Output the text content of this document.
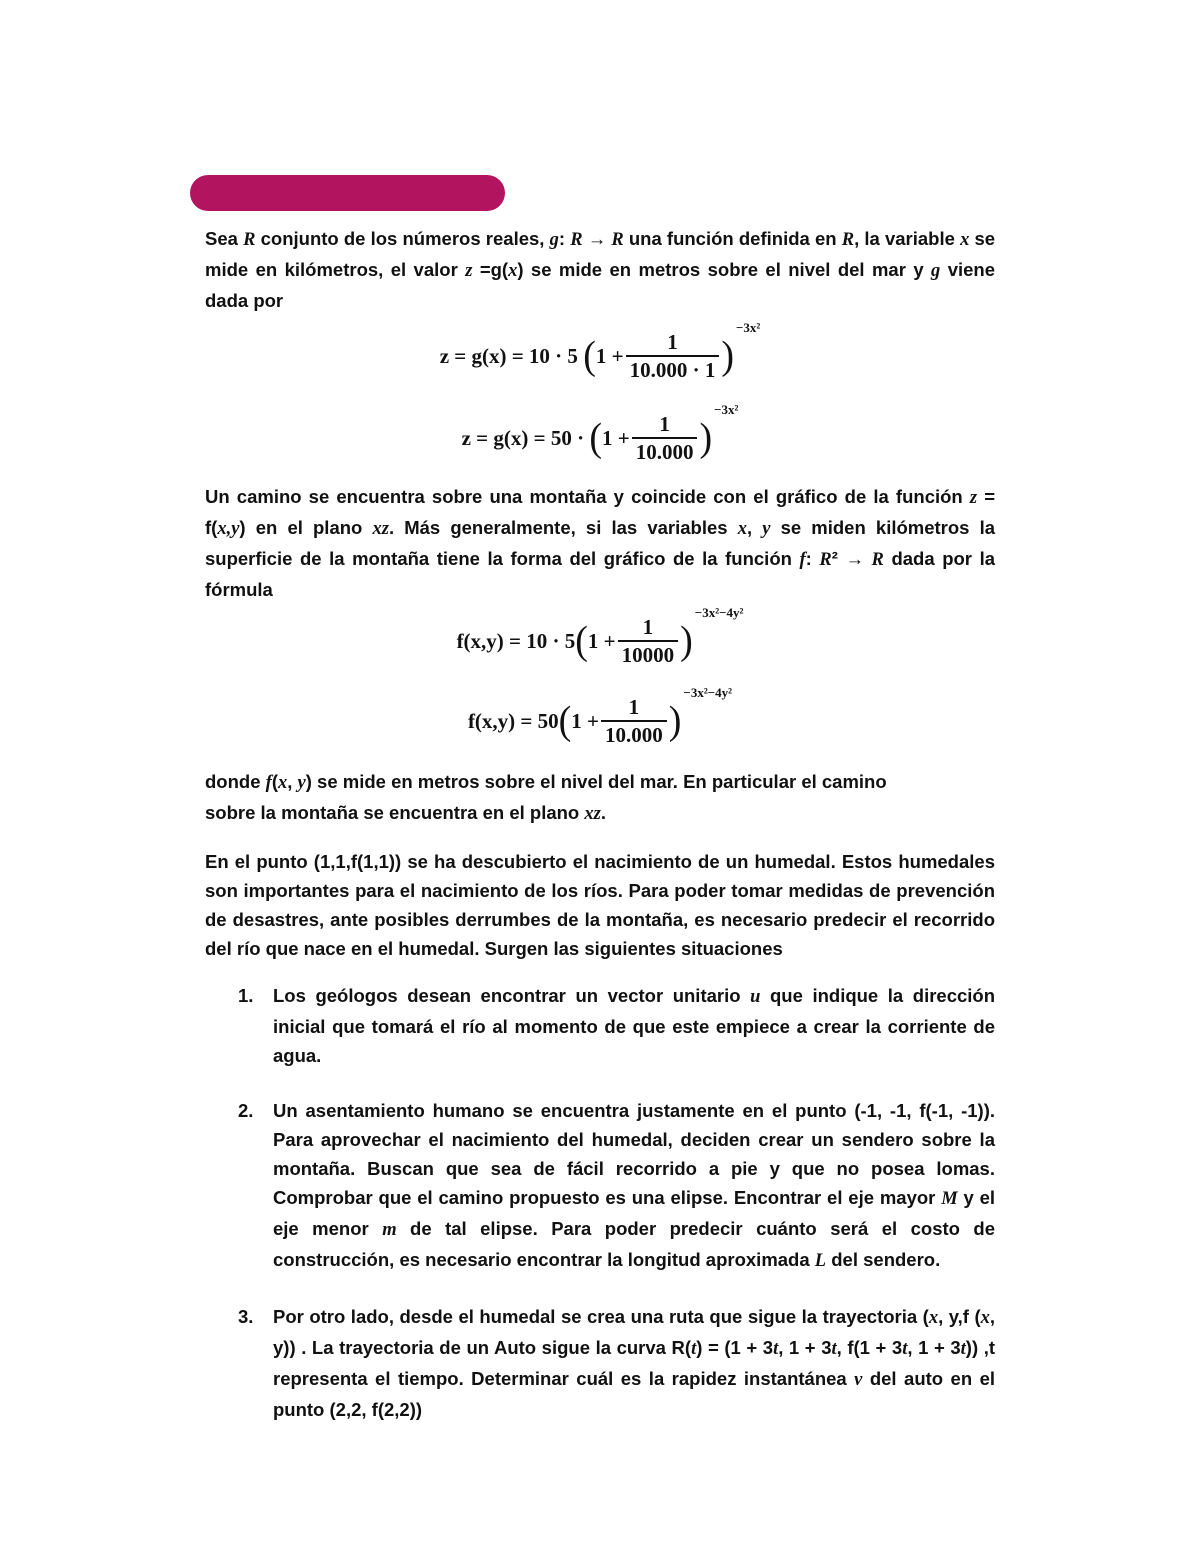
Sea R conjunto de los números reales, g: R → R una función definida en R, la variable x se mide en kilómetros, el valor z =g(x) se mide en metros sobre el nivel del mar y g viene dada por
z = g(x) = 10 · 5
( $1 + \frac{1}{10.000 \cdot 1}$ )
−3x²
z = g(x) = 50 ·
( $1 + \frac{1}{10.000}$ )
−3x²
Un camino se encuentra sobre una montaña y coincide con el gráfico de la función z = f(x,y) en el plano xz. Más generalmente, si las variables x, y se miden kilómetros la superficie de la montaña tiene la forma del gráfico de la función f: R² → R dada por la fórmula
f(x,y) = 10 · 5 ( $1 + \frac{1}{10000}$ )
−3x²−4y²
f(x,y) = 50 ( $1 + \frac{1}{10.000}$ )
−3x²−4y²
donde f(x, y) se mide en metros sobre el nivel del mar. En particular el camino
sobre la montaña se encuentra en el plano xz.
En el punto (1,1,f(1,1)) se ha descubierto el nacimiento de un humedal. Estos humedales son importantes para el nacimiento de los ríos. Para poder tomar medidas de prevención de desastres, ante posibles derrumbes de la montaña, es necesario predecir el recorrido del río que nace en el humedal. Surgen las siguientes situaciones
1.	Los geólogos desean encontrar un vector unitario u que indique la dirección inicial que tomará el río al momento de que este empiece a crear la corriente de agua.
2.	Un asentamiento humano se encuentra justamente en el punto (-1, -1, f(-1, -1)). Para aprovechar el nacimiento del humedal, deciden crear un sendero sobre la montaña. Buscan que sea de fácil recorrido a pie y que no posea lomas. Comprobar que el camino propuesto es una elipse. Encontrar el eje mayor M y el eje menor m de tal elipse. Para poder predecir cuánto será el costo de construcción, es necesario encontrar la longitud aproximada L del sendero.
3.	Por otro lado, desde el humedal se crea una ruta que sigue la trayectoria (x, y,f (x, y)) . La trayectoria de un Auto sigue la curva R(t) = (1 + 3t, 1 + 3t, f(1 + 3t, 1 + 3t)) ,t representa el tiempo. Determinar cuál es la rapidez instantánea v del auto en el punto (2,2, f(2,2))
